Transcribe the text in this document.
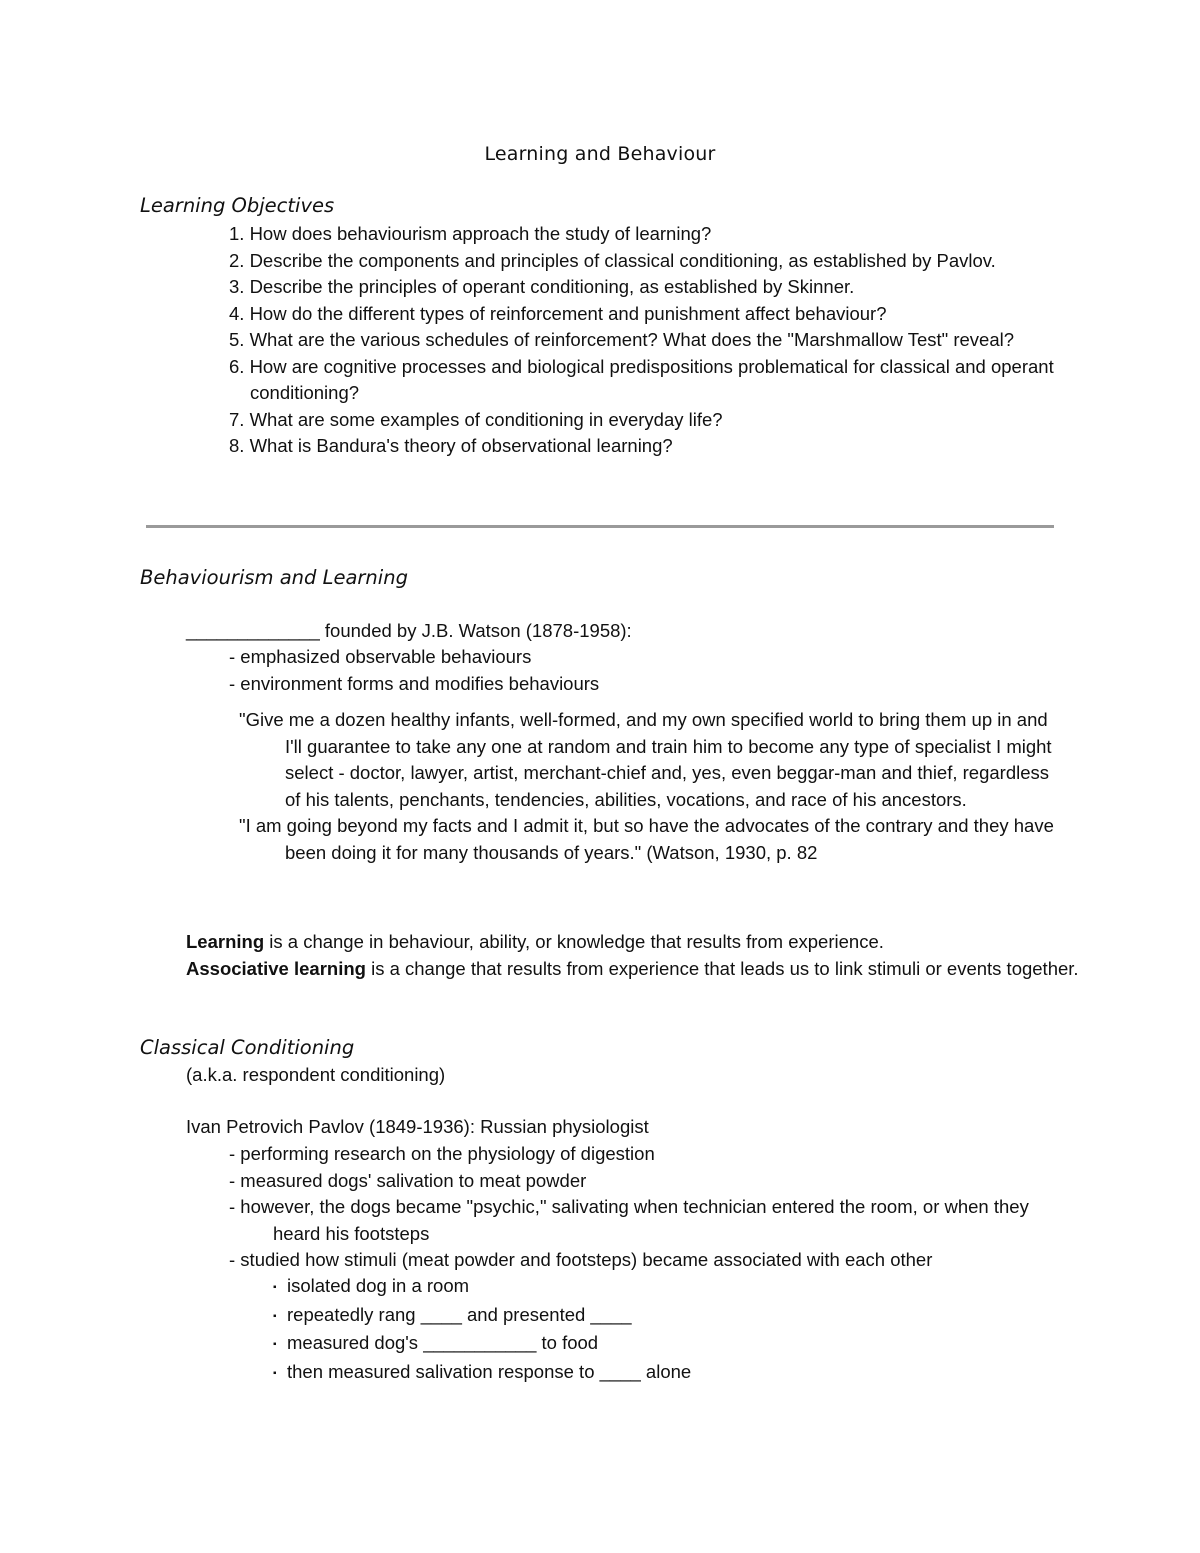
Learning and Behaviour
Learning Objectives
1. How does behaviourism approach the study of learning?
2. Describe the components and principles of classical conditioning, as established by Pavlov.
3. Describe the principles of operant conditioning, as established by Skinner.
4. How do the different types of reinforcement and punishment affect behaviour?
5. What are the various schedules of reinforcement? What does the "Marshmallow Test" reveal?
6. How are cognitive processes and biological predispositions problematical for classical and operant conditioning?
7. What are some examples of conditioning in everyday life?
8. What is Bandura's theory of observational learning?
Behaviourism and Learning
_____________ founded by J.B. Watson (1878-1958):
- emphasized observable behaviours
- environment forms and modifies behaviours
"Give me a dozen healthy infants, well-formed, and my own specified world to bring them up in and I'll guarantee to take any one at random and train him to become any type of specialist I might select - doctor, lawyer, artist, merchant-chief and, yes, even beggar-man and thief, regardless of his talents, penchants, tendencies, abilities, vocations, and race of his ancestors.
"I am going beyond my facts and I admit it, but so have the advocates of the contrary and they have been doing it for many thousands of years." (Watson, 1930, p. 82
Learning is a change in behaviour, ability, or knowledge that results from experience.
Associative learning is a change that results from experience that leads us to link stimuli or events together.
Classical Conditioning
(a.k.a. respondent conditioning)
Ivan Petrovich Pavlov (1849-1936): Russian physiologist
- performing research on the physiology of digestion
- measured dogs' salivation to meat powder
- however, the dogs became "psychic," salivating when technician entered the room, or when they heard his footsteps
- studied how stimuli (meat powder and footsteps) became associated with each other
▪ isolated dog in a room
▪ repeatedly rang ____ and presented ____
▪ measured dog's ___________ to food
▪ then measured salivation response to ____ alone
